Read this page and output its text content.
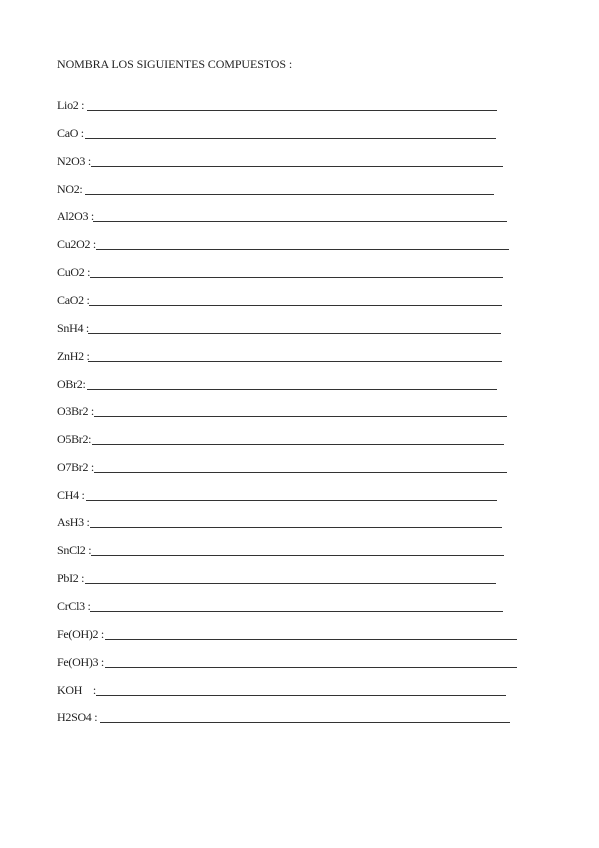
NOMBRA LOS SIGUIENTES COMPUESTOS :
Lio2 :
CaO :
N2O3 :
NO2:
Al2O3 :
Cu2O2 :
CuO2 :
CaO2 :
SnH4 :
ZnH2 :
OBr2:
O3Br2 :
O5Br2:
O7Br2 :
CH4 :
AsH3 :
SnCl2 :
PbI2 :
CrCl3 :
Fe(OH)2 :
Fe(OH)3 :
KOH    :
H2SO4 :
